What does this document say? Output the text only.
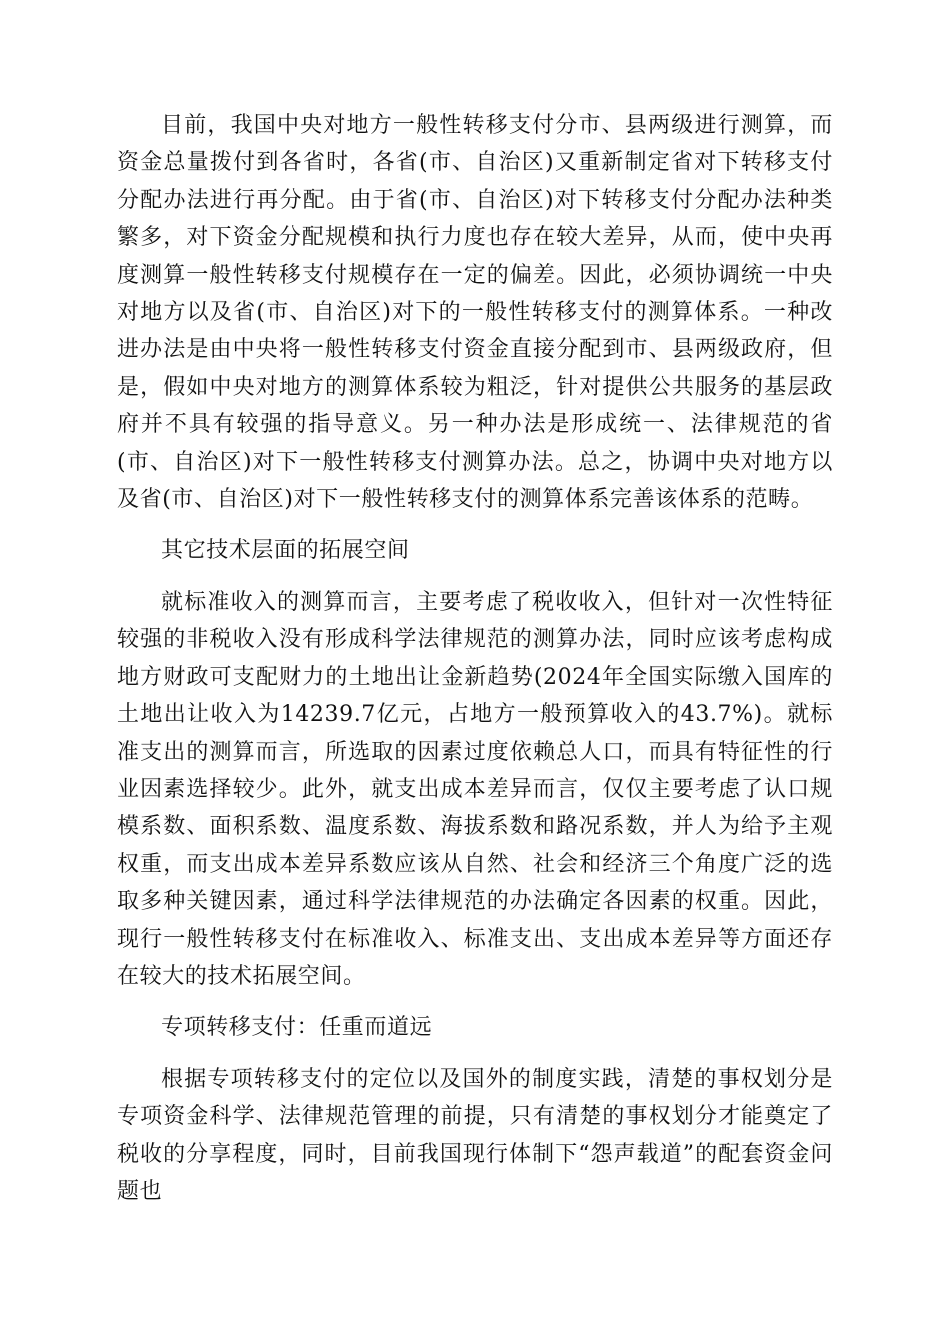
目前，我国中央对地方一般性转移支付分市、县两级进行测算，而资金总量拨付到各省时，各省(市、自治区)又重新制定省对下转移支付分配办法进行再分配。由于省(市、自治区)对下转移支付分配办法种类繁多，对下资金分配规模和执行力度也存在较大差异，从而，使中央再度测算一般性转移支付规模存在一定的偏差。因此，必须协调统一中央对地方以及省(市、自治区)对下的一般性转移支付的测算体系。一种改进办法是由中央将一般性转移支付资金直接分配到市、县两级政府，但是，假如中央对地方的测算体系较为粗泛，针对提供公共服务的基层政府并不具有较强的指导意义。另一种办法是形成统一、法律规范的省(市、自治区)对下一般性转移支付测算办法。总之，协调中央对地方以及省(市、自治区)对下一般性转移支付的测算体系完善该体系的范畴。

其它技术层面的拓展空间

就标准收入的测算而言，主要考虑了税收收入，但针对一次性特征较强的非税收入没有形成科学法律规范的测算办法，同时应该考虑构成地方财政可支配财力的土地出让金新趋势(2024年全国实际缴入国库的土地出让收入为14239.7亿元，占地方一般预算收入的43.7%)。就标准支出的测算而言，所选取的因素过度依赖总人口，而具有特征性的行业因素选择较少。此外，就支出成本差异而言，仅仅主要考虑了认口规模系数、面积系数、温度系数、海拔系数和路况系数，并人为给予主观权重，而支出成本差异系数应该从自然、社会和经济三个角度广泛的选取多种关键因素，通过科学法律规范的办法确定各因素的权重。因此，现行一般性转移支付在标准收入、标准支出、支出成本差异等方面还存在较大的技术拓展空间。

专项转移支付：任重而道远

根据专项转移支付的定位以及国外的制度实践，清楚的事权划分是专项资金科学、法律规范管理的前提，只有清楚的事权划分才能奠定了税收的分享程度，同时，目前我国现行体制下“怨声载道”的配套资金问题也
